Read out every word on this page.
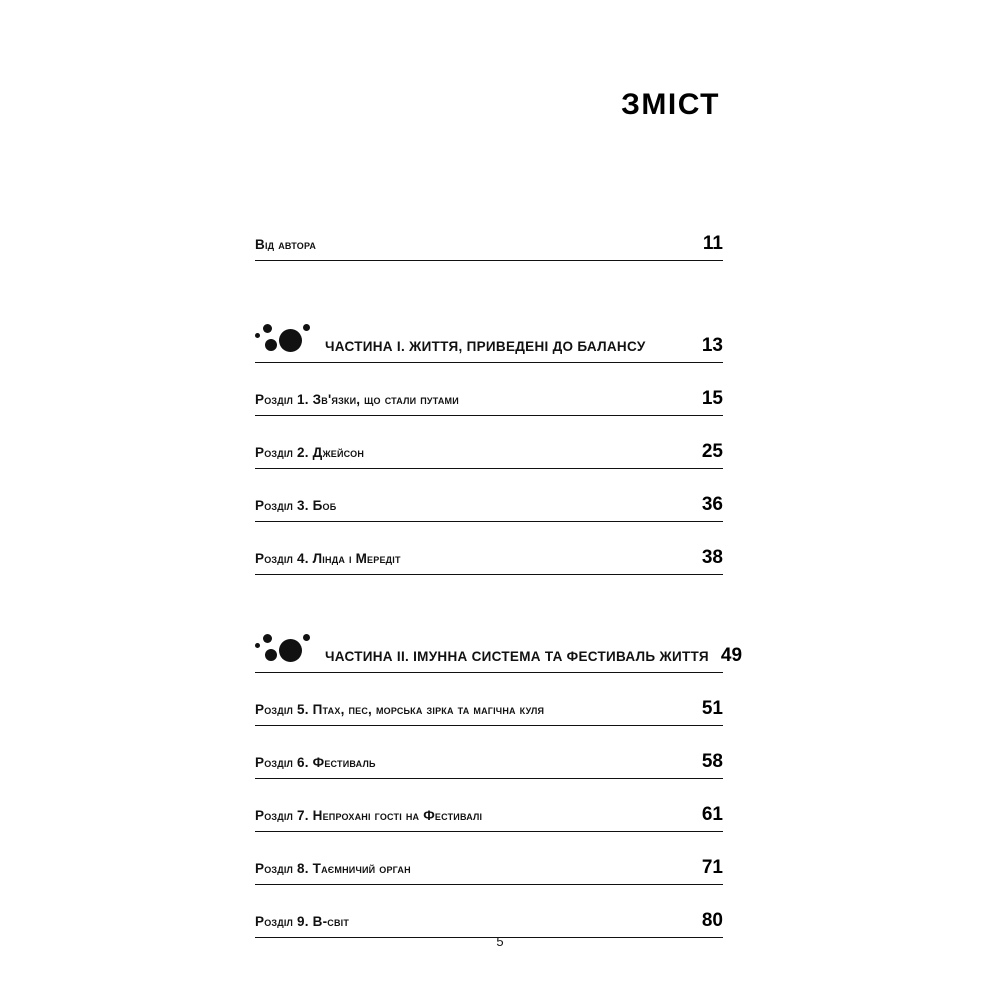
ЗМІСТ
Від автора	11
ЧАСТИНА I. ЖИТТЯ, ПРИВЕДЕНІ ДО БАЛАНСУ	13
Розділ 1. Зв'язки, що стали путами	15
Розділ 2. Джейсон	25
Розділ 3. Боб	36
Розділ 4. Лінда і Мередіт	38
ЧАСТИНА II. ІМУННА СИСТЕМА ТА ФЕСТИВАЛЬ ЖИТТЯ 49
Розділ 5. Птах, пес, морська зірка та магічна куля	51
Розділ 6. Фестиваль	58
Розділ 7. Непрохані гості на Фестивалі	61
Розділ 8. Таємничий орган	71
Розділ 9. В-світ	80
5
